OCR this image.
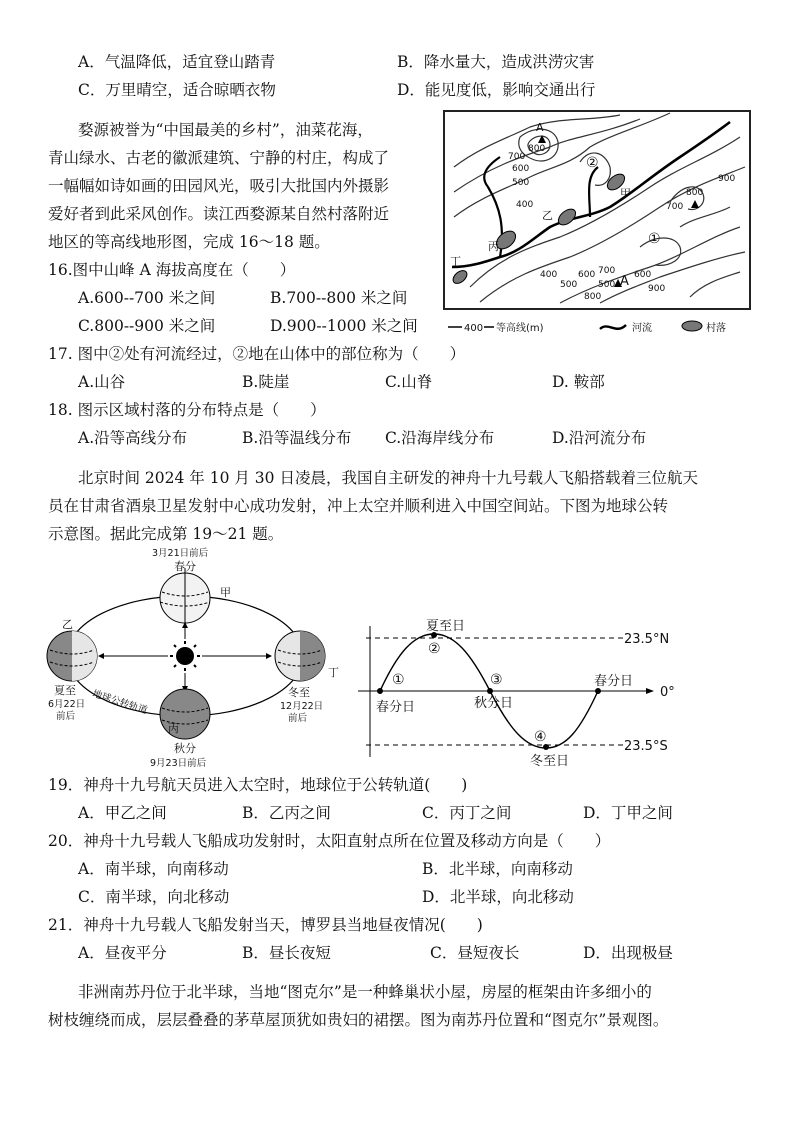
A．气温降低，适宜登山踏青	B．降水量大，造成洪涝灾害
C．万里晴空，适合晾晒衣物	D．能见度低，影响交通出行
婺源被誉为“中国最美的乡村”，油菜花海，
青山绿水、古老的徽派建筑、宁静的村庄，构成了
一幅幅如诗如画的田园风光，吸引大批国内外摄影
爱好者到此采风创作。读江西婺源某自然村落附近
地区的等高线地形图，完成 16～18 题。
16.图中山峰 A 海拔高度在（　　）
A.600--700 米之间	B.700--800 米之间
C.800--900 米之间	D.900--1000 米之间
800
700
600
500
400
800
900
700
400
500
600 700 600
500
800
900
A
②
甲
乙
丙
丁
①
A
400 等高线(m)	河流	村落
17. 图中②处有河流经过，②地在山体中的部位称为（　　）
A.山谷	B.陡崖	C.山脊	D. 鞍部
18. 图示区域村落的分布特点是（　　）
A.沿等高线分布	B.沿等温线分布 C.沿海岸线分布	D.沿河流分布
北京时间 2024 年 10 月 30 日凌晨，我国自主研发的神舟十九号载人飞船搭载着三位航天
员在甘肃省酒泉卫星发射中心成功发射，冲上太空并顺利进入中国空间站。下图为地球公转
示意图。据此完成第 19～21 题。
3月21日前后
春分
甲
乙
夏至
6月22日
前后
地球公转轨道
丙
秋分
9月23日前后
丁
冬至
12月22日
前后
夏至日
23.5°N
0°
23.5°S
春分日	秋分日
春分日
冬至日
①
②
③
④
19．神舟十九号航天员进入太空时，地球位于公转轨道(　　)
A．甲乙之间	B．乙丙之间	C．丙丁之间	D．丁甲之间
20．神舟十九号载人飞船成功发射时，太阳直射点所在位置及移动方向是（　　）
A．南半球，向南移动	B．北半球，向南移动
C．南半球，向北移动	D．北半球，向北移动
21．神舟十九号载人飞船发射当天，博罗县当地昼夜情况(　　)
A．昼夜平分	B．昼长夜短	C．昼短夜长	D．出现极昼
非洲南苏丹位于北半球，当地“图克尔”是一种蜂巢状小屋，房屋的框架由许多细小的
树枝缠绕而成，层层叠叠的茅草屋顶犹如贵妇的裙摆。图为南苏丹位置和“图克尔”景观图。
